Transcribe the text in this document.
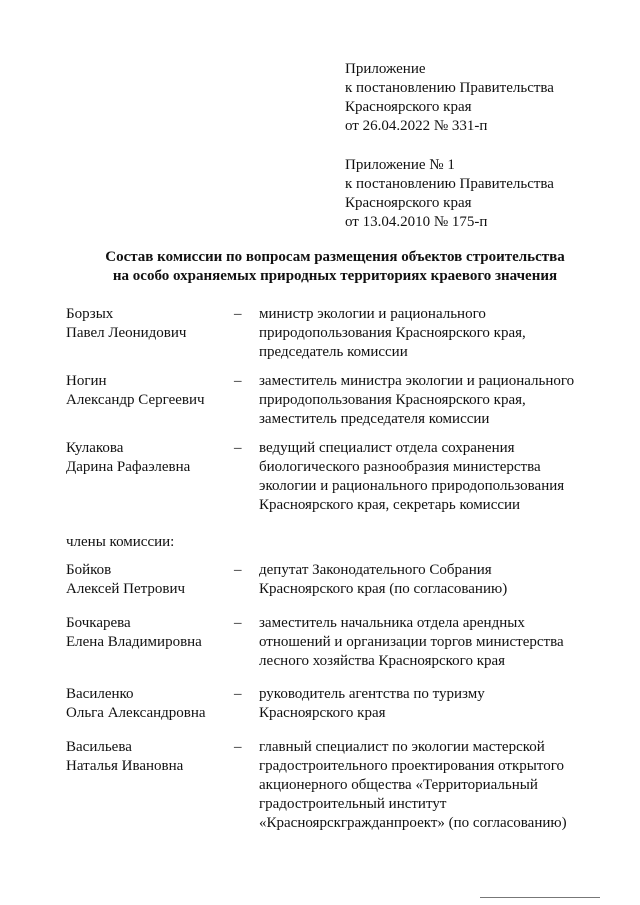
Приложение
к постановлению Правительства
Красноярского края
от 26.04.2022 № 331-п
Приложение № 1
к постановлению Правительства
Красноярского края
от 13.04.2010 № 175-п
Состав комиссии по вопросам размещения объектов строительства
на особо охраняемых природных территориях краевого значения
Борзых
Павел Леонидович
– министр экологии и рационального
природопользования Красноярского края,
председатель комиссии
Ногин
Александр Сергеевич
– заместитель министра экологии и рационального
природопользования Красноярского края,
заместитель председателя комиссии
Кулакова
Дарина Рафаэлевна
– ведущий специалист отдела сохранения
биологического разнообразия министерства
экологии и рационального природопользования
Красноярского края, секретарь комиссии
члены комиссии:
Бойков
Алексей Петрович
– депутат Законодательного Собрания
Красноярского края (по согласованию)
Бочкарева
Елена Владимировна
– заместитель начальника отдела арендных
отношений и организации торгов министерства
лесного хозяйства Красноярского края
Василенко
Ольга Александровна
– руководитель агентства по туризму
Красноярского края
Васильева
Наталья Ивановна
– главный специалист по экологии мастерской
градостроительного проектирования открытого
акционерного общества «Территориальный
градостроительный институт
«Красноярскгражданпроект» (по согласованию)
